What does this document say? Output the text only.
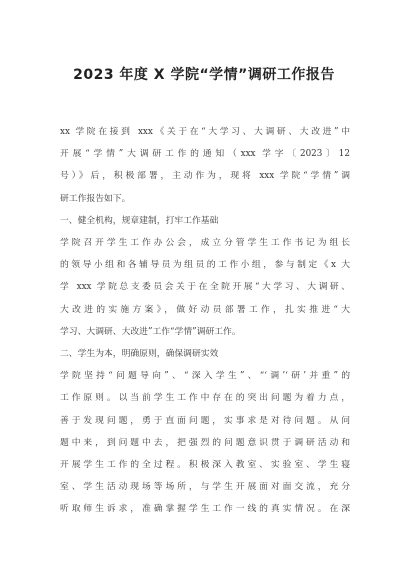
2023 年度 X 学院“学情”调研工作报告
xx 学院在接到 xxx《关于在“大学习、大调研、大改进”中
开展“学情”大调研工作的通知（xxx 学字〔2023〕12
号）》后，积极部署，主动作为，现将 xxx 学院“学情”调
研工作报告如下。
一、健全机构，规章建制，打牢工作基础
学院召开学生工作办公会，成立分管学生工作书记为组长
的领导小组和各辅导员为组员的工作小组，参与制定《x 大
学 xxx 学院总支委员会关于在全院开展“大学习、大调研、
大改进的实施方案》，做好动员部署工作，扎实推进“大
学习、大调研、大改进”工作“学情”调研工作。
二、学生为本，明确原则，确保调研实效
学院坚持“问题导向”、“深入学生”、“‘调’‘研’并重”的
工作原则。以当前学生工作中存在的突出问题为着力点，
善于发现问题，勇于直面问题，实事求是对待问题。从问
题中来，到问题中去，把强烈的问题意识贯于调研活动和
开展学生工作的全过程。积极深入教室、实验室、学生寝
室、学生活动现场等场所，与学生开展面对面交流，充分
听取师生诉求，准确掌握学生工作一线的真实情况。在深
